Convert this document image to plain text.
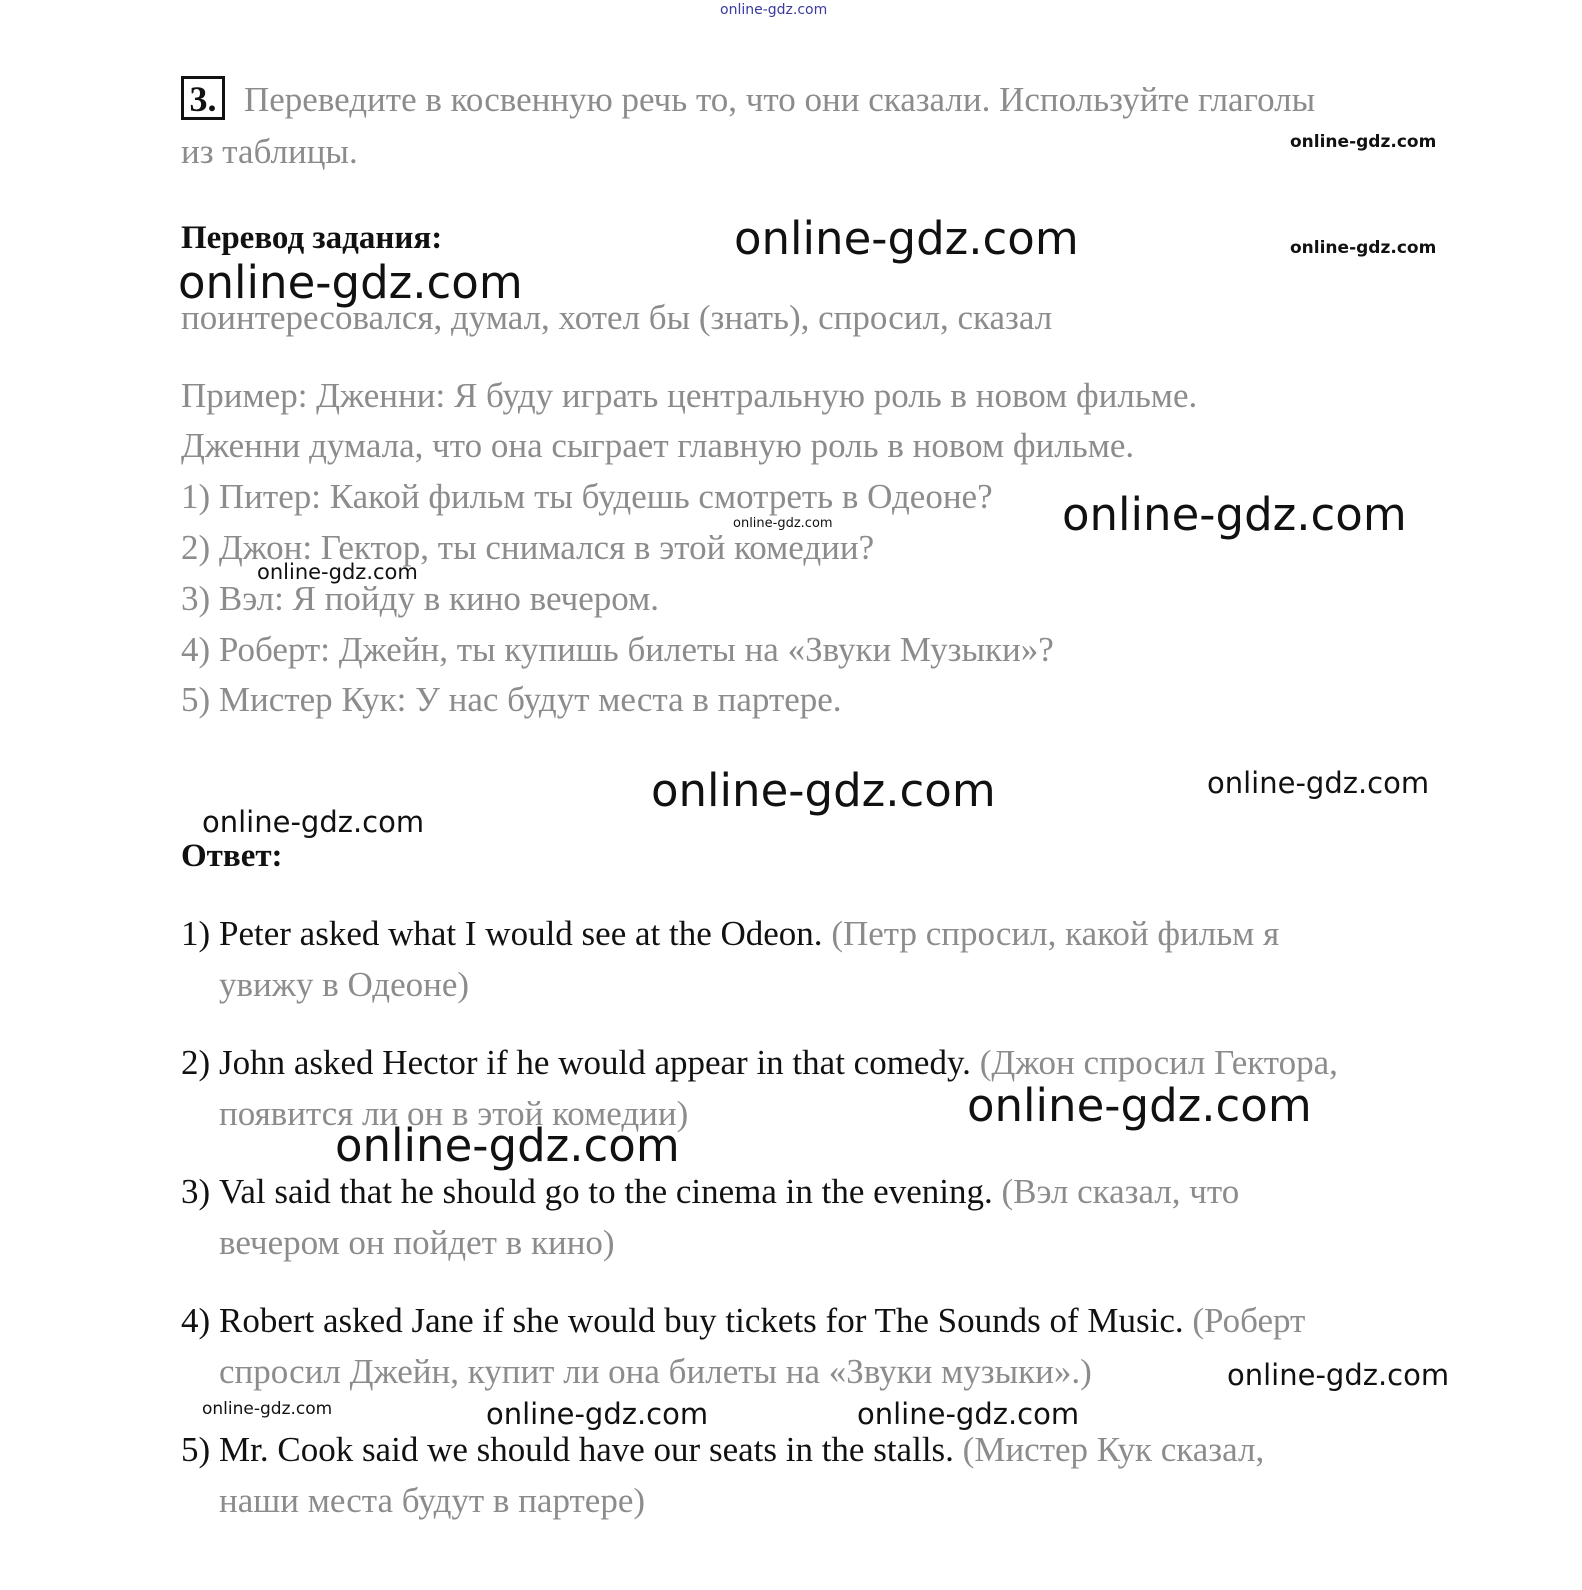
online-gdz.com
3. Переведите в косвенную речь то, что они сказали. Используйте глаголы
из таблицы.
Перевод задания:
поинтересовался, думал, хотел бы (знать), спросил, сказал
Пример: Дженни: Я буду играть центральную роль в новом фильме.
Дженни думала, что она сыграет главную роль в новом фильме.
1) Питер: Какой фильм ты будешь смотреть в Одеоне?
2) Джон: Гектор, ты снимался в этой комедии?
3) Вэл: Я пойду в кино вечером.
4) Роберт: Джейн, ты купишь билеты на «Звуки Музыки»?
5) Мистер Кук: У нас будут места в партере.
Ответ:
1) Peter asked what I would see at the Odeon. (Петр спросил, какой фильм я
увижу в Одеоне)
2) John asked Hector if he would appear in that comedy. (Джон спросил Гектора,
появится ли он в этой комедии)
3) Val said that he should go to the cinema in the evening. (Вэл сказал, что
вечером он пойдет в кино)
4) Robert asked Jane if she would buy tickets for The Sounds of Music. (Роберт
спросил Джейн, купит ли она билеты на «Звуки музыки».)
5) Mr. Cook said we should have our seats in the stalls. (Мистер Кук сказал,
наши места будут в партере)
online-gdz.com
online-gdz.com	online-gdz.com
online-gdz.com
online-gdz.com
online-gdz.com
online-gdz.com
online-gdz.com	online-gdz.com
online-gdz.com
online-gdz.com
online-gdz.com
online-gdz.com
online-gdz.com	online-gdz.com	online-gdz.com
